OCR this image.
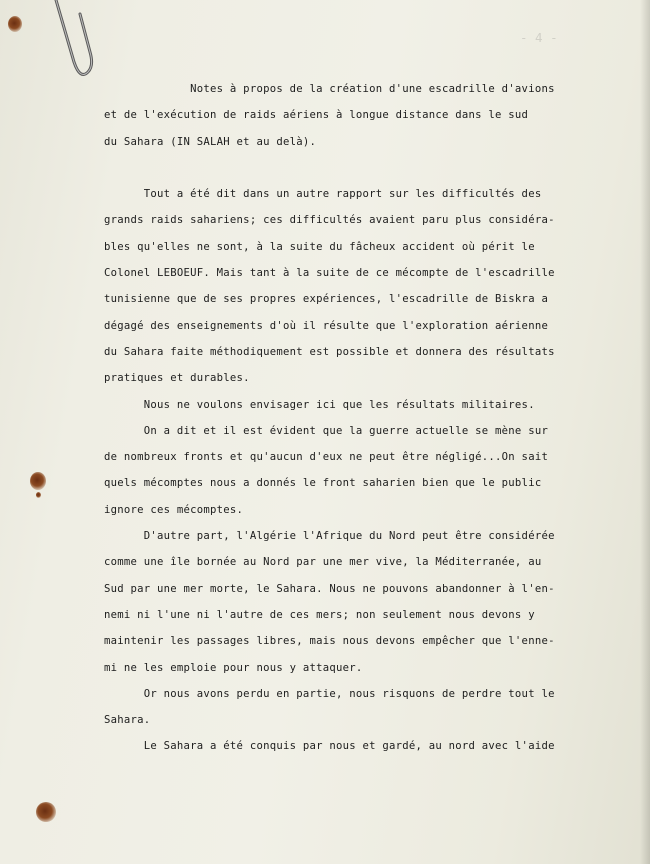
- 4 -
Notes à propos de la création d'une escadrille d'avions
et de l'exécution de raids aériens à longue distance dans le sud
du Sahara (IN SALAH et au delà).
Tout a été dit dans un autre rapport sur les difficultés des
grands raids sahariens; ces difficultés avaient paru plus considéra-
bles qu'elles ne sont, à la suite du fâcheux accident où périt le
Colonel LEBOEUF. Mais tant à la suite de ce mécompte de l'escadrille
tunisienne que de ses propres expériences, l'escadrille de Biskra a
dégagé des enseignements d'où il résulte que l'exploration aérienne
du Sahara faite méthodiquement est possible et donnera des résultats
pratiques et durables.
Nous ne voulons envisager ici que les résultats militaires.
On a dit et il est évident que la guerre actuelle se mène sur
de nombreux fronts et qu'aucun d'eux ne peut être négligé...On sait
quels mécomptes nous a donnés le front saharien bien que le public
ignore ces mécomptes.
D'autre part, l'Algérie l'Afrique du Nord peut être considérée
comme une île bornée au Nord par une mer vive, la Méditerranée, au
Sud par une mer morte, le Sahara. Nous ne pouvons abandonner à l'en-
nemi ni l'une ni l'autre de ces mers; non seulement nous devons y
maintenir les passages libres, mais nous devons empêcher que l'enne-
mi ne les emploie pour nous y attaquer.
Or nous avons perdu en partie, nous risquons de perdre tout le
Sahara.
Le Sahara a été conquis par nous et gardé, au nord avec l'aide
